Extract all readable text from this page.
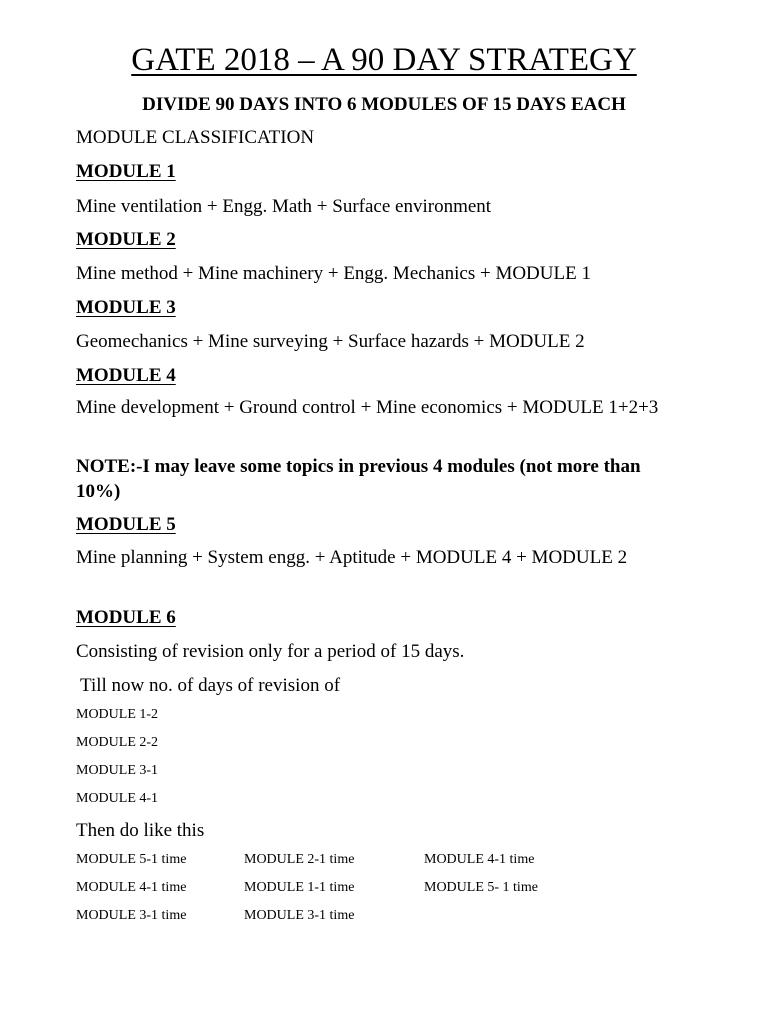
GATE 2018 – A 90 DAY STRATEGY
DIVIDE 90 DAYS INTO 6 MODULES OF 15 DAYS EACH
MODULE CLASSIFICATION
MODULE 1
Mine ventilation + Engg. Math + Surface environment
MODULE 2
Mine method + Mine machinery + Engg. Mechanics + MODULE 1
MODULE 3
Geomechanics + Mine surveying + Surface hazards + MODULE 2
MODULE 4
Mine development + Ground control + Mine economics + MODULE 1+2+3
NOTE:-I may leave some topics in previous 4 modules (not more than 10%)
MODULE 5
Mine planning + System engg. + Aptitude + MODULE 4 + MODULE 2
MODULE 6
Consisting of revision only for a period of 15 days.
Till now no. of days of revision of
MODULE 1-2
MODULE 2-2
MODULE 3-1
MODULE 4-1
Then do like this
MODULE 5-1 time	MODULE 2-1 time	MODULE 4-1 time
MODULE 4-1 time	MODULE 1-1 time	MODULE 5- 1 time
MODULE 3-1 time	MODULE 3-1 time
